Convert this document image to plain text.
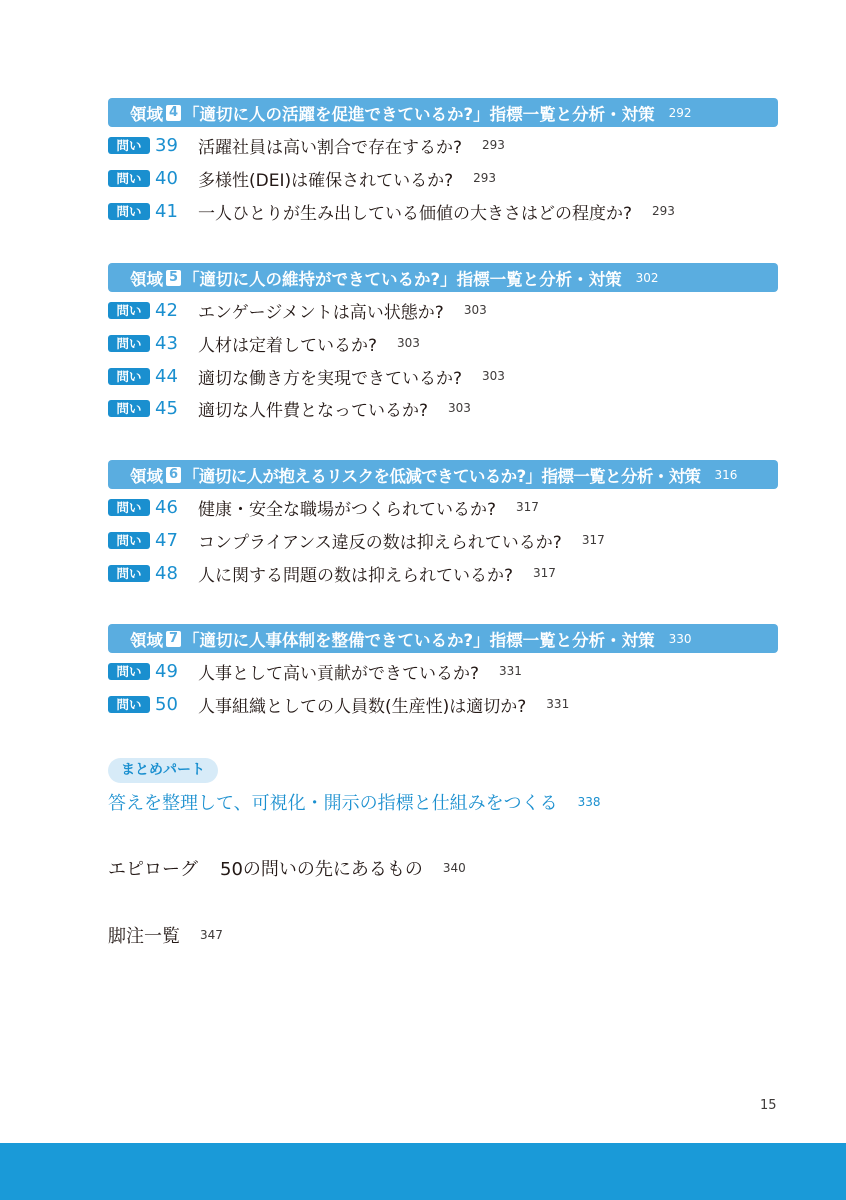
領域 4 「適切に人の活躍を促進できているか?」指標一覧と分析・対策 292
問い 39	活躍社員は高い割合で存在するか? 293
問い 40	多様性(DEI)は確保されているか? 293
問い 41	一人ひとりが生み出している価値の大きさはどの程度か? 293
領域 5 「適切に人の維持ができているか?」指標一覧と分析・対策 302
問い 42	エンゲージメントは高い状態か? 303
問い 43	人材は定着しているか? 303
問い 44	適切な働き方を実現できているか? 303
問い 45	適切な人件費となっているか? 303
領域 6 「適切に人が抱えるリスクを低減できているか?」指標一覧と分析・対策 316
問い 46	健康・安全な職場がつくられているか? 317
問い 47	コンプライアンス違反の数は抑えられているか? 317
問い 48	人に関する問題の数は抑えられているか? 317
領域 7 「適切に人事体制を整備できているか?」指標一覧と分析・対策 330
問い 49	人事として高い貢献ができているか? 331
問い 50	人事組織としての人員数(生産性)は適切か? 331
まとめパート
答えを整理して、可視化・開示の指標と仕組みをつくる 338
エピローグ 50の問いの先にあるもの 340
脚注一覧 347
15
